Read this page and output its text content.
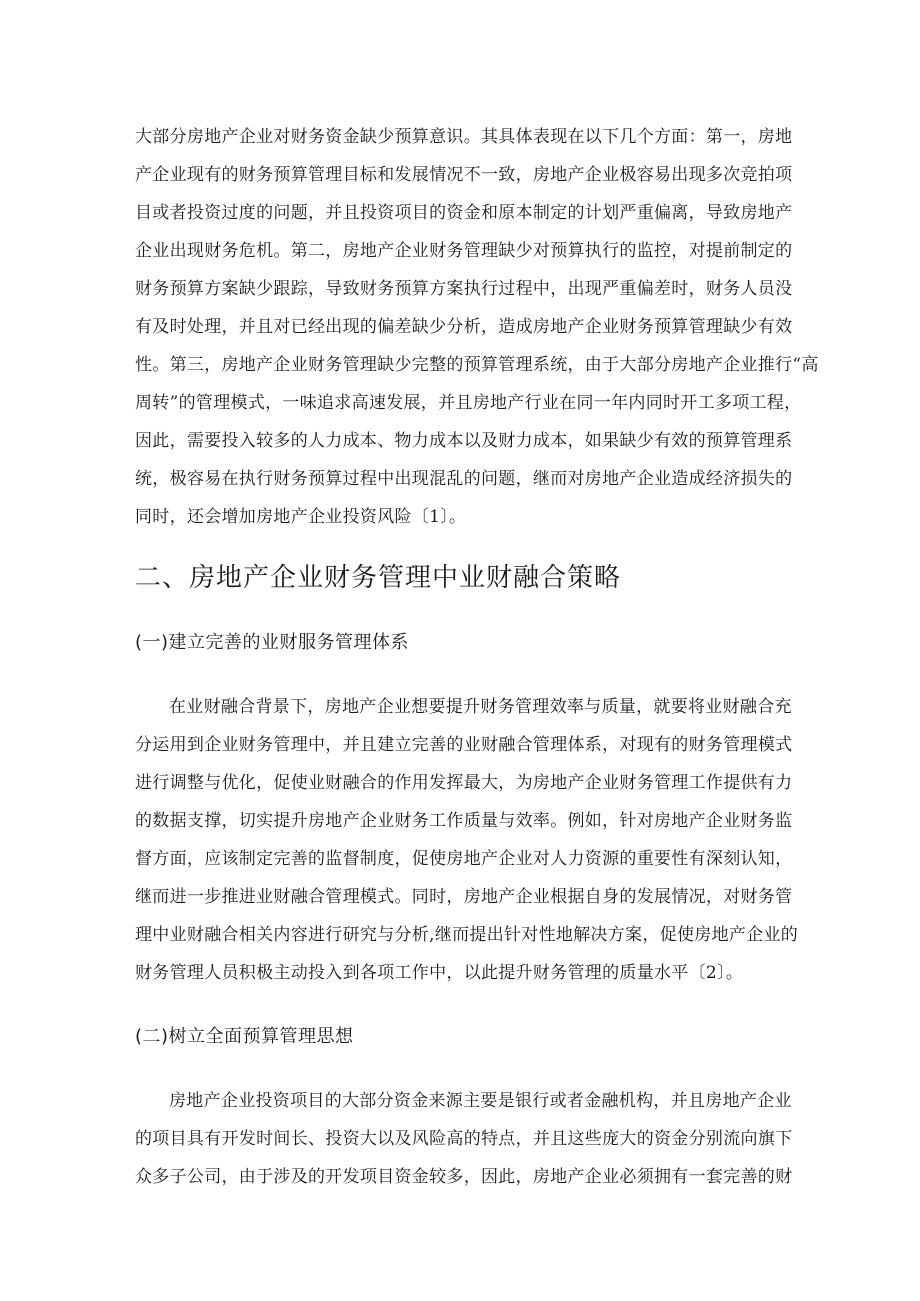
大部分房地产企业对财务资金缺少预算意识。其具体表现在以下几个方面：第一，房地
产企业现有的财务预算管理目标和发展情况不一致，房地产企业极容易出现多次竞拍项
目或者投资过度的问题，并且投资项目的资金和原本制定的计划严重偏离，导致房地产
企业出现财务危机。第二，房地产企业财务管理缺少对预算执行的监控，对提前制定的
财务预算方案缺少跟踪，导致财务预算方案执行过程中，出现严重偏差时，财务人员没
有及时处理，并且对已经出现的偏差缺少分析，造成房地产企业财务预算管理缺少有效
性。第三，房地产企业财务管理缺少完整的预算管理系统，由于大部分房地产企业推行“高
周转”的管理模式，一味追求高速发展，并且房地产行业在同一年内同时开工多项工程，
因此，需要投入较多的人力成本、物力成本以及财力成本，如果缺少有效的预算管理系
统，极容易在执行财务预算过程中出现混乱的问题，继而对房地产企业造成经济损失的
同时，还会增加房地产企业投资风险〔1〕。

二、房地产企业财务管理中业财融合策略
(一)建立完善的业财服务管理体系

在业财融合背景下，房地产企业想要提升财务管理效率与质量，就要将业财融合充
分运用到企业财务管理中，并且建立完善的业财融合管理体系，对现有的财务管理模式
进行调整与优化，促使业财融合的作用发挥最大，为房地产企业财务管理工作提供有力
的数据支撑，切实提升房地产企业财务工作质量与效率。例如，针对房地产企业财务监
督方面，应该制定完善的监督制度，促使房地产企业对人力资源的重要性有深刻认知，
继而进一步推进业财融合管理模式。同时，房地产企业根据自身的发展情况，对财务管
理中业财融合相关内容进行研究与分析,继而提出针对性地解决方案，促使房地产企业的
财务管理人员积极主动投入到各项工作中，以此提升财务管理的质量水平〔2〕。

(二)树立全面预算管理思想

房地产企业投资项目的大部分资金来源主要是银行或者金融机构，并且房地产企业
的项目具有开发时间长、投资大以及风险高的特点，并且这些庞大的资金分别流向旗下
众多子公司，由于涉及的开发项目资金较多，因此，房地产企业必须拥有一套完善的财
